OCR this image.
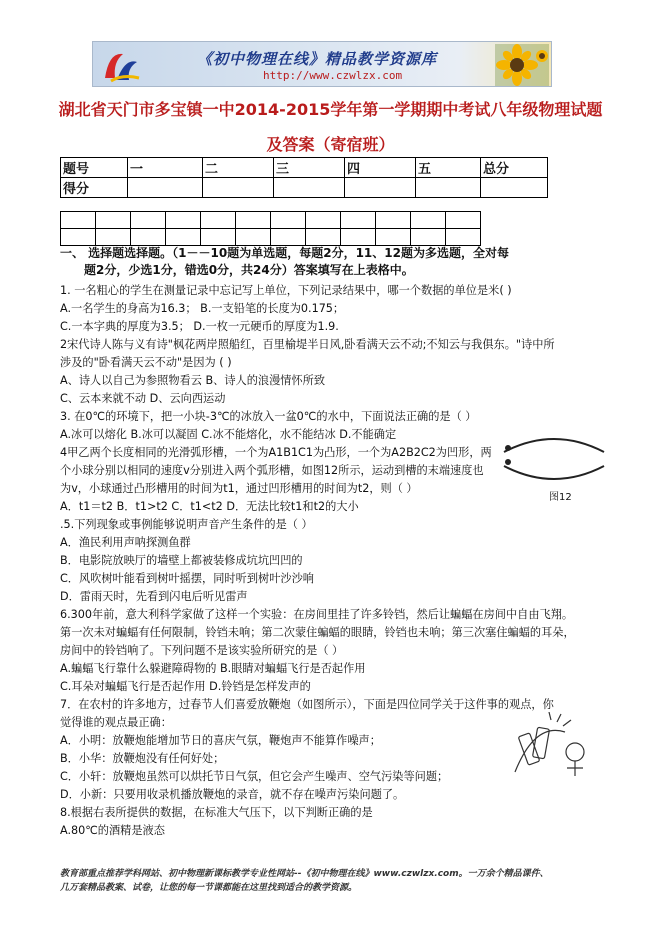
《初中物理在线》精品教学资源库
http://www.czwlzx.com
湖北省天门市多宝镇一中2014-2015学年第一学期期中考试八年级物理试题
及答案（寄宿班）
题号	一	二	三	四	五	总分
得分						

一、 选择题选择题。（1－－10题为单选题，每题2分，11、12题为多选题，全对每
题2分，少选1分，错选0分，共24分）答案填写在上表格中。
1. 一名粗心的学生在测量记录中忘记写上单位，下列记录结果中，哪一个数据的单位是米( )
A.一名学生的身高为16.3； B.一支铅笔的长度为0.175；
C.一本字典的厚度为3.5； D.一枚一元硬币的厚度为1.9.
2宋代诗人陈与义有诗"枫花两岸照船红，百里榆堤半日风,卧看满天云不动;不知云与我俱东。"诗中所
涉及的"卧看满天云不动"是因为 ( )
A、诗人以自己为参照物看云 B、诗人的浪漫情怀所致
C、云本来就不动 D、云向西运动
3. 在0℃的环境下，把一小块-3℃的冰放入一盆0℃的水中，下面说法正确的是（ ）
A.冰可以熔化 B.冰可以凝固 C.冰不能熔化，水不能结冰 D.不能确定
4甲乙两个长度相同的光滑弧形槽，一个为A1B1C1为凸形，一个为A2B2C2为凹形，两
个小球分别以相同的速度v分别进入两个弧形槽，如图12所示，运动到槽的末端速度也
为v，小球通过凸形槽用的时间为t1，通过凹形槽用的时间为t2，则（ ）
A．t1＝t2 B．t1>t2 C．t1<t2 D．无法比较t1和t2的大小
.5.下列现象或事例能够说明声音产生条件的是（ ）
A．渔民利用声呐探测鱼群
B．电影院放映厅的墙壁上都被装修成坑坑凹凹的
C．风吹树叶能看到树叶摇摆，同时听到树叶沙沙响
D．雷雨天时，先看到闪电后听见雷声
6.300年前，意大利科学家做了这样一个实验：在房间里挂了许多铃铛，然后让蝙蝠在房间中自由飞翔。
第一次未对蝙蝠有任何限制，铃铛未响；第二次蒙住蝙蝠的眼睛，铃铛也未响；第三次塞住蝙蝠的耳朵，
房间中的铃铛响了。下列问题不是该实验所研究的是（ ）
A.蝙蝠飞行靠什么躲避障碍物的 B.眼睛对蝙蝠飞行是否起作用
C.耳朵对蝙蝠飞行是否起作用 D.铃铛是怎样发声的
7．在农村的许多地方，过春节人们喜爱放鞭炮（如图所示），下面是四位同学关于这件事的观点，你
觉得谁的观点最正确：
A．小明：放鞭炮能增加节日的喜庆气氛，鞭炮声不能算作噪声；
B．小华：放鞭炮没有任何好处；
C．小轩：放鞭炮虽然可以烘托节日气氛，但它会产生噪声、空气污染等问题；
D．小新：只要用收录机播放鞭炮的录音，就不存在噪声污染问题了。
8.根据右表所提供的数据，在标准大气压下，以下判断正确的是
A.80℃的酒精是液态
图12
教育部重点推荐学科网站、初中物理新课标教学专业性网站--《初中物理在线》www.czwlzx.com。一万余个精品课件、
几万套精品教案、试卷，让您的每一节课都能在这里找到适合的教学资源。
